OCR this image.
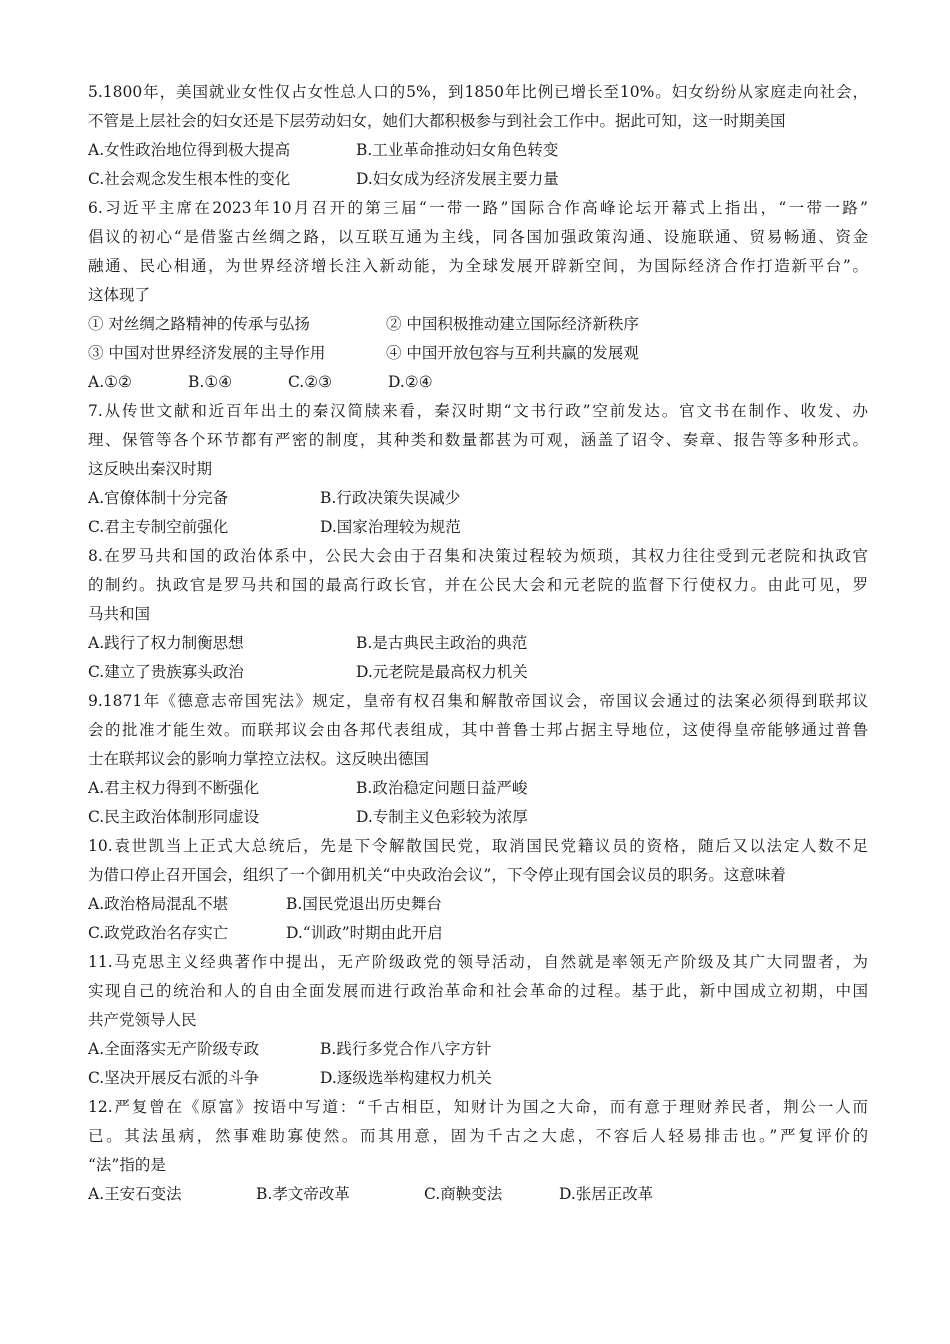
5.1800年，美国就业女性仅占女性总人口的5%，到1850年比例已增长至10%。妇女纷纷从家庭走向社会，
不管是上层社会的妇女还是下层劳动妇女，她们大都积极参与到社会工作中。据此可知，这一时期美国
A.女性政治地位得到极大提高	B.工业革命推动妇女角色转变
C.社会观念发生根本性的变化	D.妇女成为经济发展主要力量
6.习近平主席在2023年10月召开的第三届“一带一路”国际合作高峰论坛开幕式上指出，“一带一路”
倡议的初心“是借鉴古丝绸之路，以互联互通为主线，同各国加强政策沟通、设施联通、贸易畅通、资金
融通、民心相通，为世界经济增长注入新动能，为全球发展开辟新空间，为国际经济合作打造新平台”。
这体现了
① 对丝绸之路精神的传承与弘扬	② 中国积极推动建立国际经济新秩序
③ 中国对世界经济发展的主导作用	④ 中国开放包容与互利共赢的发展观
A.①②	B.①④	C.②③	D.②④
7.从传世文献和近百年出土的秦汉简牍来看，秦汉时期“文书行政”空前发达。官文书在制作、收发、办
理、保管等各个环节都有严密的制度，其种类和数量都甚为可观，涵盖了诏令、奏章、报告等多种形式。
这反映出秦汉时期
A.官僚体制十分完备	B.行政决策失误减少
C.君主专制空前强化	D.国家治理较为规范
8.在罗马共和国的政治体系中，公民大会由于召集和决策过程较为烦琐，其权力往往受到元老院和执政官
的制约。执政官是罗马共和国的最高行政长官，并在公民大会和元老院的监督下行使权力。由此可见，罗
马共和国
A.践行了权力制衡思想	B.是古典民主政治的典范
C.建立了贵族寡头政治	D.元老院是最高权力机关
9.1871年《德意志帝国宪法》规定，皇帝有权召集和解散帝国议会，帝国议会通过的法案必须得到联邦议
会的批准才能生效。而联邦议会由各邦代表组成，其中普鲁士邦占据主导地位，这使得皇帝能够通过普鲁
士在联邦议会的影响力掌控立法权。这反映出德国
A.君主权力得到不断强化	B.政治稳定问题日益严峻
C.民主政治体制形同虚设	D.专制主义色彩较为浓厚
10.袁世凯当上正式大总统后，先是下令解散国民党，取消国民党籍议员的资格，随后又以法定人数不足
为借口停止召开国会，组织了一个御用机关“中央政治会议”，下令停止现有国会议员的职务。这意味着
A.政治格局混乱不堪	B.国民党退出历史舞台
C.政党政治名存实亡	D.“训政”时期由此开启
11.马克思主义经典著作中提出，无产阶级政党的领导活动，自然就是率领无产阶级及其广大同盟者，为
实现自己的统治和人的自由全面发展而进行政治革命和社会革命的过程。基于此，新中国成立初期，中国
共产党领导人民
A.全面落实无产阶级专政	B.践行多党合作八字方针
C.坚决开展反右派的斗争	D.逐级选举构建权力机关
12.严复曾在《原富》按语中写道：“千古相臣，知财计为国之大命，而有意于理财养民者，荆公一人而
已。其法虽病，然事难助寡使然。而其用意，固为千古之大虑，不容后人轻易排击也。”严复评价的
“法”指的是
A.王安石变法	B.孝文帝改革	C.商鞅变法	D.张居正改革
